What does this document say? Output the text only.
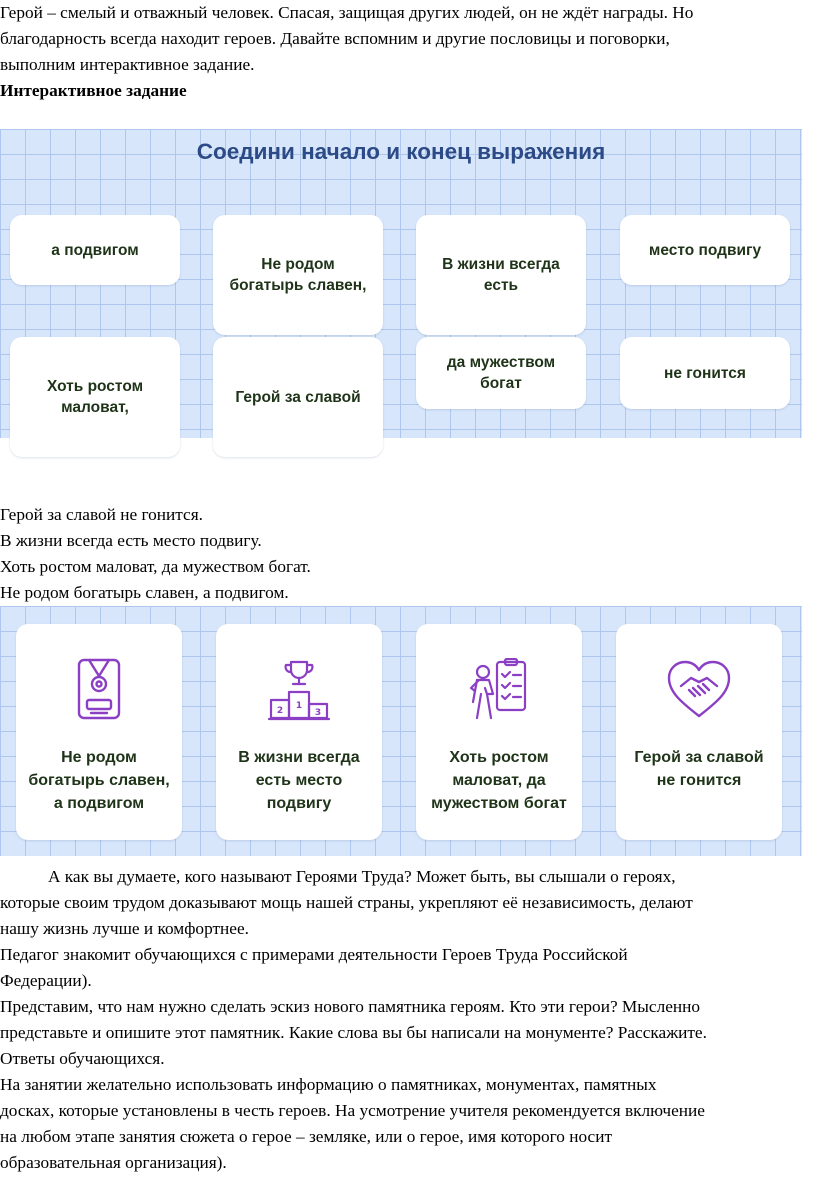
Герой – смелый и отважный человек. Спасая, защищая других людей, он не ждёт награды. Но

благодарность всегда находит героев. Давайте вспомним и другие пословицы и поговорки,

выполним интерактивное задание.

Интерактивное задание

Соедини начало и конец выражения
а подвигом
Не родом богатырь славен,
В жизни всегда есть
место подвигу
Хоть ростом маловат,
Герой за славой
да мужеством богат
не гонится

Герой за славой не гонится.

В жизни всегда есть место подвигу.

Хоть ростом маловат, да мужеством богат.

Не родом богатырь славен, а подвигом.

Не родом богатырь славен, а подвигом
2 1
3
В жизни всегда есть место подвигу
Хоть ростом маловат, да мужеством богат
Герой за славой не гонится

А как вы думаете, кого называют Героями Труда? Может быть, вы слышали о героях,

которые своим трудом доказывают мощь нашей страны, укрепляют её независимость, делают

нашу жизнь лучше и комфортнее.

Педагог знакомит обучающихся с примерами деятельности Героев Труда Российской

Федерации).

Представим, что нам нужно сделать эскиз нового памятника героям. Кто эти герои? Мысленно

представьте и опишите этот памятник. Какие слова вы бы написали на монументе? Расскажите.

Ответы обучающихся.

На занятии желательно использовать информацию о памятниках, монументах, памятных

досках, которые установлены в честь героев. На усмотрение учителя рекомендуется включение

на любом этапе занятия сюжета о герое – земляке, или о герое, имя которого носит

образовательная организация).
